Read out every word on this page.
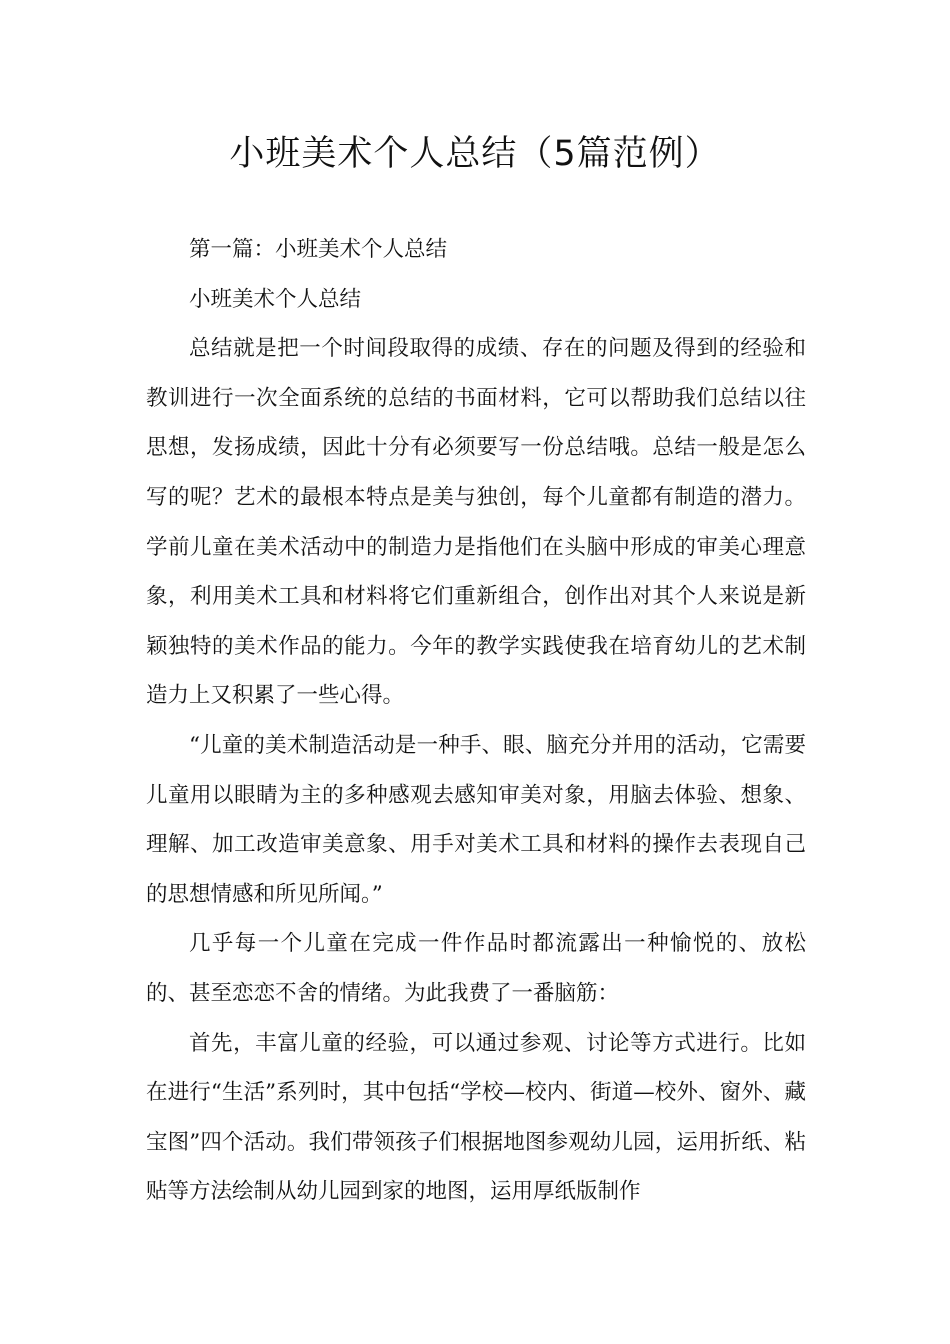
小班美术个人总结（5篇范例）

第一篇：小班美术个人总结

小班美术个人总结

总结就是把一个时间段取得的成绩、存在的问题及得到的经验和教训进行一次全面系统的总结的书面材料，它可以帮助我们总结以往思想，发扬成绩，因此十分有必须要写一份总结哦。总结一般是怎么写的呢？艺术的最根本特点是美与独创，每个儿童都有制造的潜力。学前儿童在美术活动中的制造力是指他们在头脑中形成的审美心理意象，利用美术工具和材料将它们重新组合，创作出对其个人来说是新颖独特的美术作品的能力。今年的教学实践使我在培育幼儿的艺术制造力上又积累了一些心得。

“儿童的美术制造活动是一种手、眼、脑充分并用的活动，它需要儿童用以眼睛为主的多种感观去感知审美对象，用脑去体验、想象、理解、加工改造审美意象、用手对美术工具和材料的操作去表现自己的思想情感和所见所闻。”

几乎每一个儿童在完成一件作品时都流露出一种愉悦的、放松的、甚至恋恋不舍的情绪。为此我费了一番脑筋：

首先，丰富儿童的经验，可以通过参观、讨论等方式进行。比如在进行“生活”系列时，其中包括“学校—校内、街道—校外、窗外、藏宝图”四个活动。我们带领孩子们根据地图参观幼儿园，运用折纸、粘贴等方法绘制从幼儿园到家的地图，运用厚纸版制作
